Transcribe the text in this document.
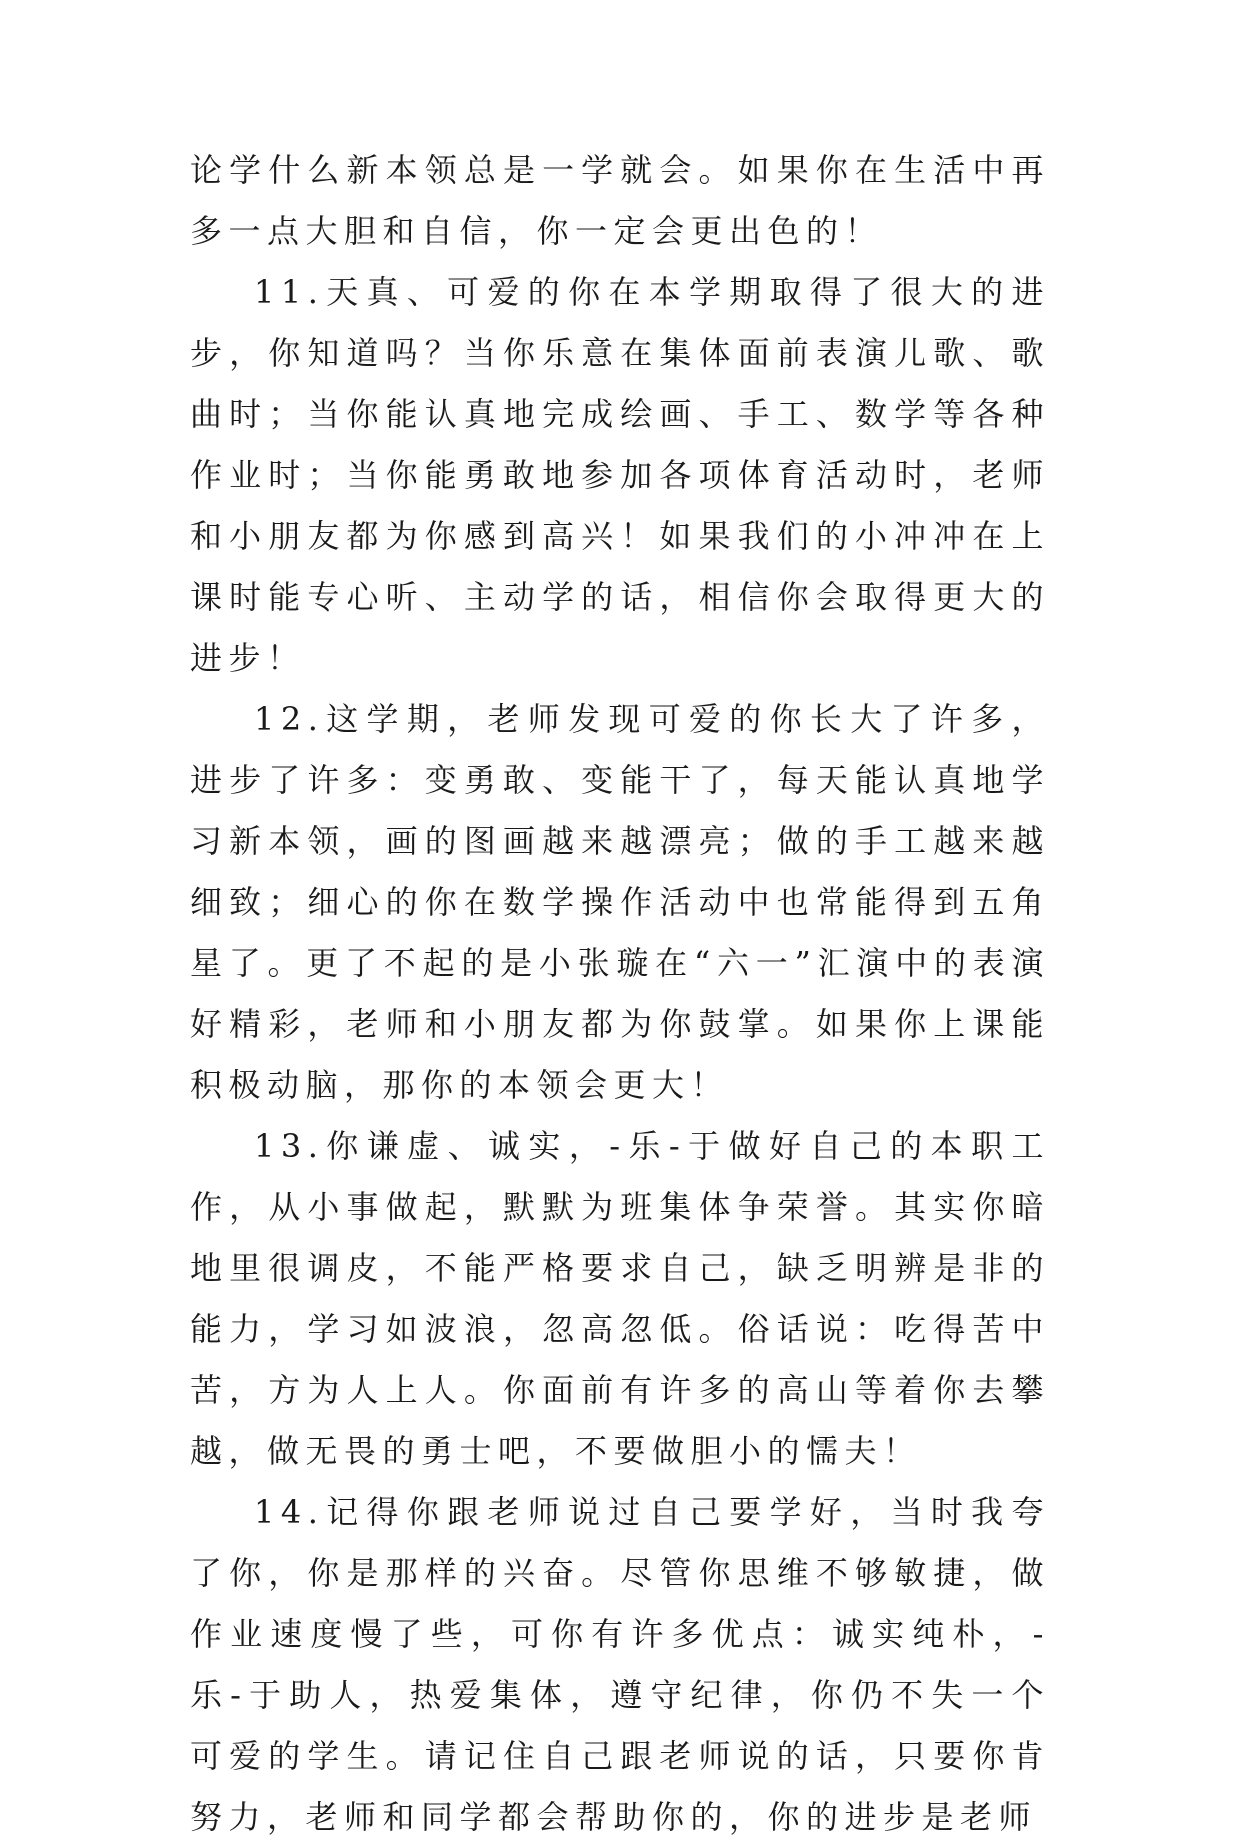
论学什么新本领总是一学就会。如果你在生活中再多一点大胆和自信，你一定会更出色的！

11.天真、可爱的你在本学期取得了很大的进步，你知道吗？当你乐意在集体面前表演儿歌、歌曲时；当你能认真地完成绘画、手工、数学等各种作业时；当你能勇敢地参加各项体育活动时，老师和小朋友都为你感到高兴！如果我们的小冲冲在上课时能专心听、主动学的话，相信你会取得更大的进步！

12.这学期，老师发现可爱的你长大了许多，进步了许多：变勇敢、变能干了，每天能认真地学习新本领，画的图画越来越漂亮；做的手工越来越细致；细心的你在数学操作活动中也常能得到五角星了。更了不起的是小张璇在“六一”汇演中的表演好精彩，老师和小朋友都为你鼓掌。如果你上课能积极动脑，那你的本领会更大！

13.你谦虚、诚实，-乐-于做好自己的本职工作，从小事做起，默默为班集体争荣誉。其实你暗地里很调皮，不能严格要求自己，缺乏明辨是非的能力，学习如波浪，忽高忽低。俗话说：吃得苦中苦，方为人上人。你面前有许多的高山等着你去攀越，做无畏的勇士吧，不要做胆小的懦夫！

14.记得你跟老师说过自己要学好，当时我夸了你，你是那样的兴奋。尽管你思维不够敏捷，做作业速度慢了些，可你有许多优点：诚实纯朴，-乐-于助人，热爱集体，遵守纪律，你仍不失一个可爱的学生。请记住自己跟老师说的话，只要你肯努力，老师和同学都会帮助你的，你的进步是老师
